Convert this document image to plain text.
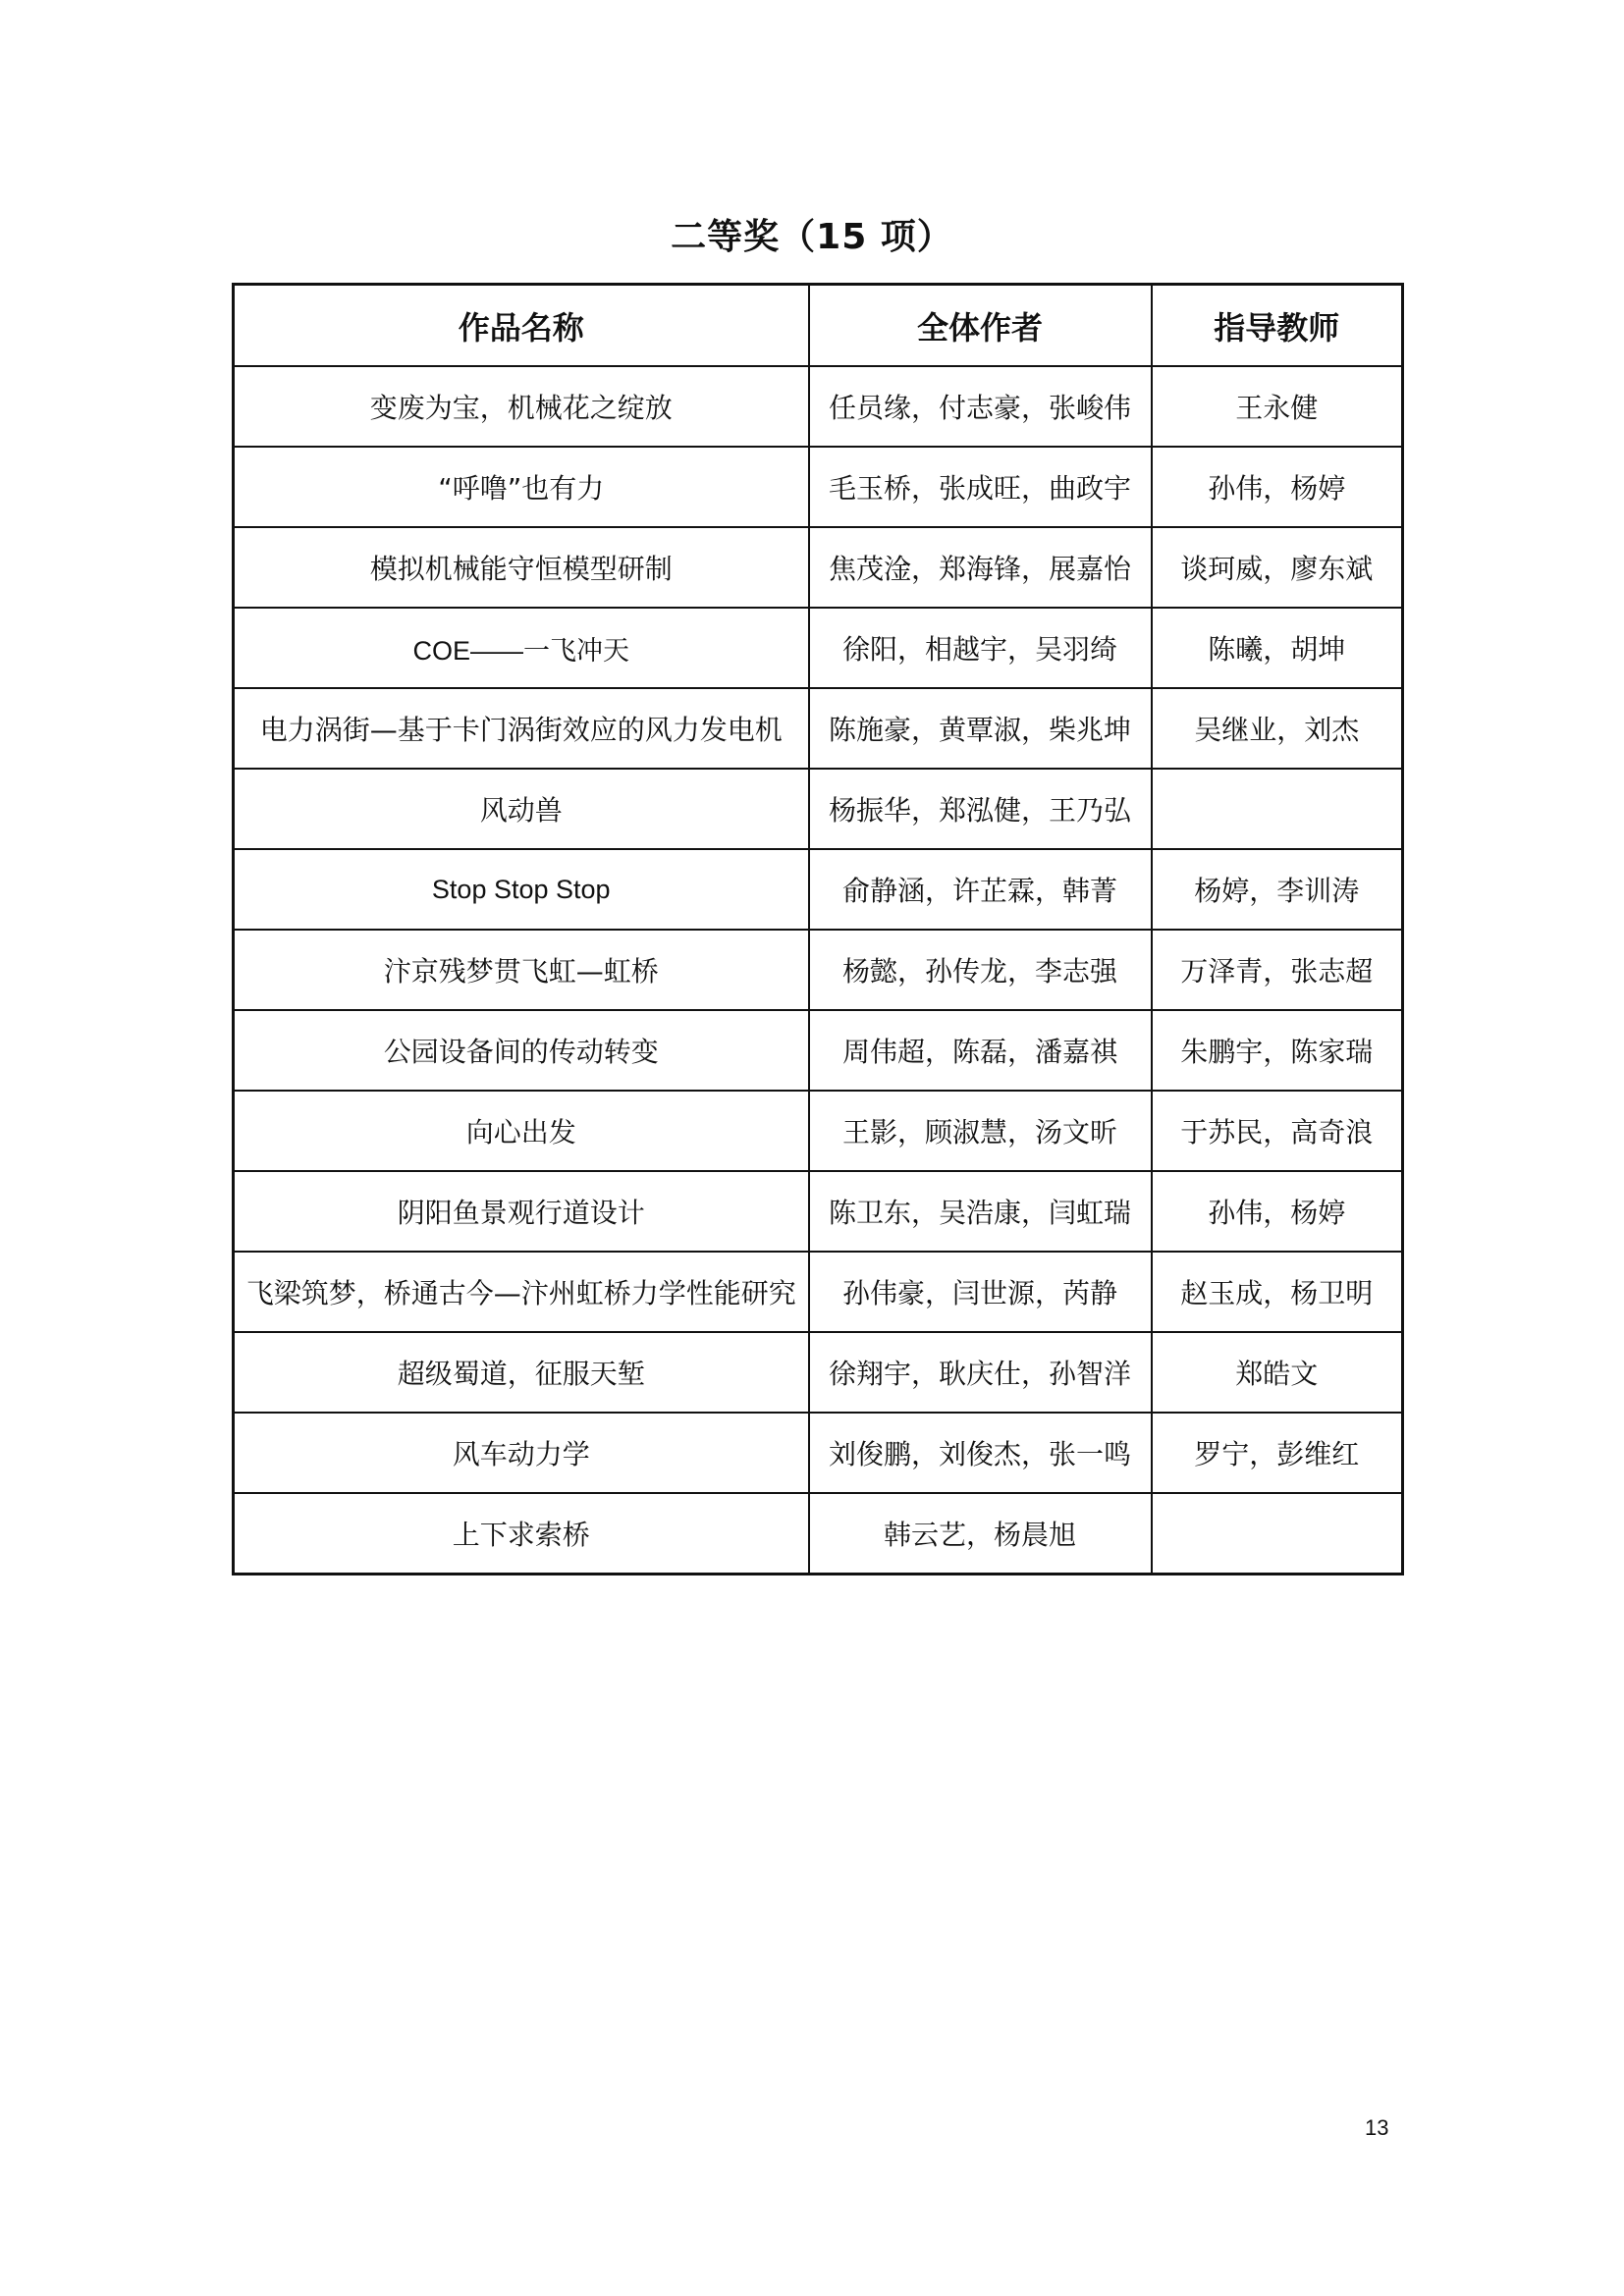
二等奖（15 项）
作品名称	全体作者	指导教师
变废为宝，机械花之绽放	任员缘，付志豪，张峻伟	王永健
“呼噜”也有力	毛玉桥，张成旺，曲政宇	孙伟，杨婷
模拟机械能守恒模型研制	焦茂淦，郑海锋，展嘉怡	谈珂威，廖东斌
COE——一飞冲天	徐阳，相越宇，吴羽绮	陈曦，胡坤
电力涡街—基于卡门涡街效应的风力发电机	陈施豪，黄覃淑，柴兆坤	吴继业，刘杰
风动兽	杨振华，郑泓健，王乃弘	
Stop Stop Stop	俞静涵，许芷霖，韩菁	杨婷，李训涛
汴京残梦贯飞虹—虹桥	杨懿，孙传龙，李志强	万泽青，张志超
公园设备间的传动转变	周伟超，陈磊，潘嘉祺	朱鹏宇，陈家瑞
向心出发	王影，顾淑慧，汤文昕	于苏民，高奇浪
阴阳鱼景观行道设计	陈卫东，吴浩康，闫虹瑞	孙伟，杨婷
飞梁筑梦，桥通古今—汴州虹桥力学性能研究	孙伟豪，闫世源，芮静	赵玉成，杨卫明
超级蜀道，征服天堑	徐翔宇，耿庆仕，孙智洋	郑皓文
风车动力学	刘俊鹏，刘俊杰，张一鸣	罗宁，彭维红
上下求索桥	韩云艺，杨晨旭	
13
